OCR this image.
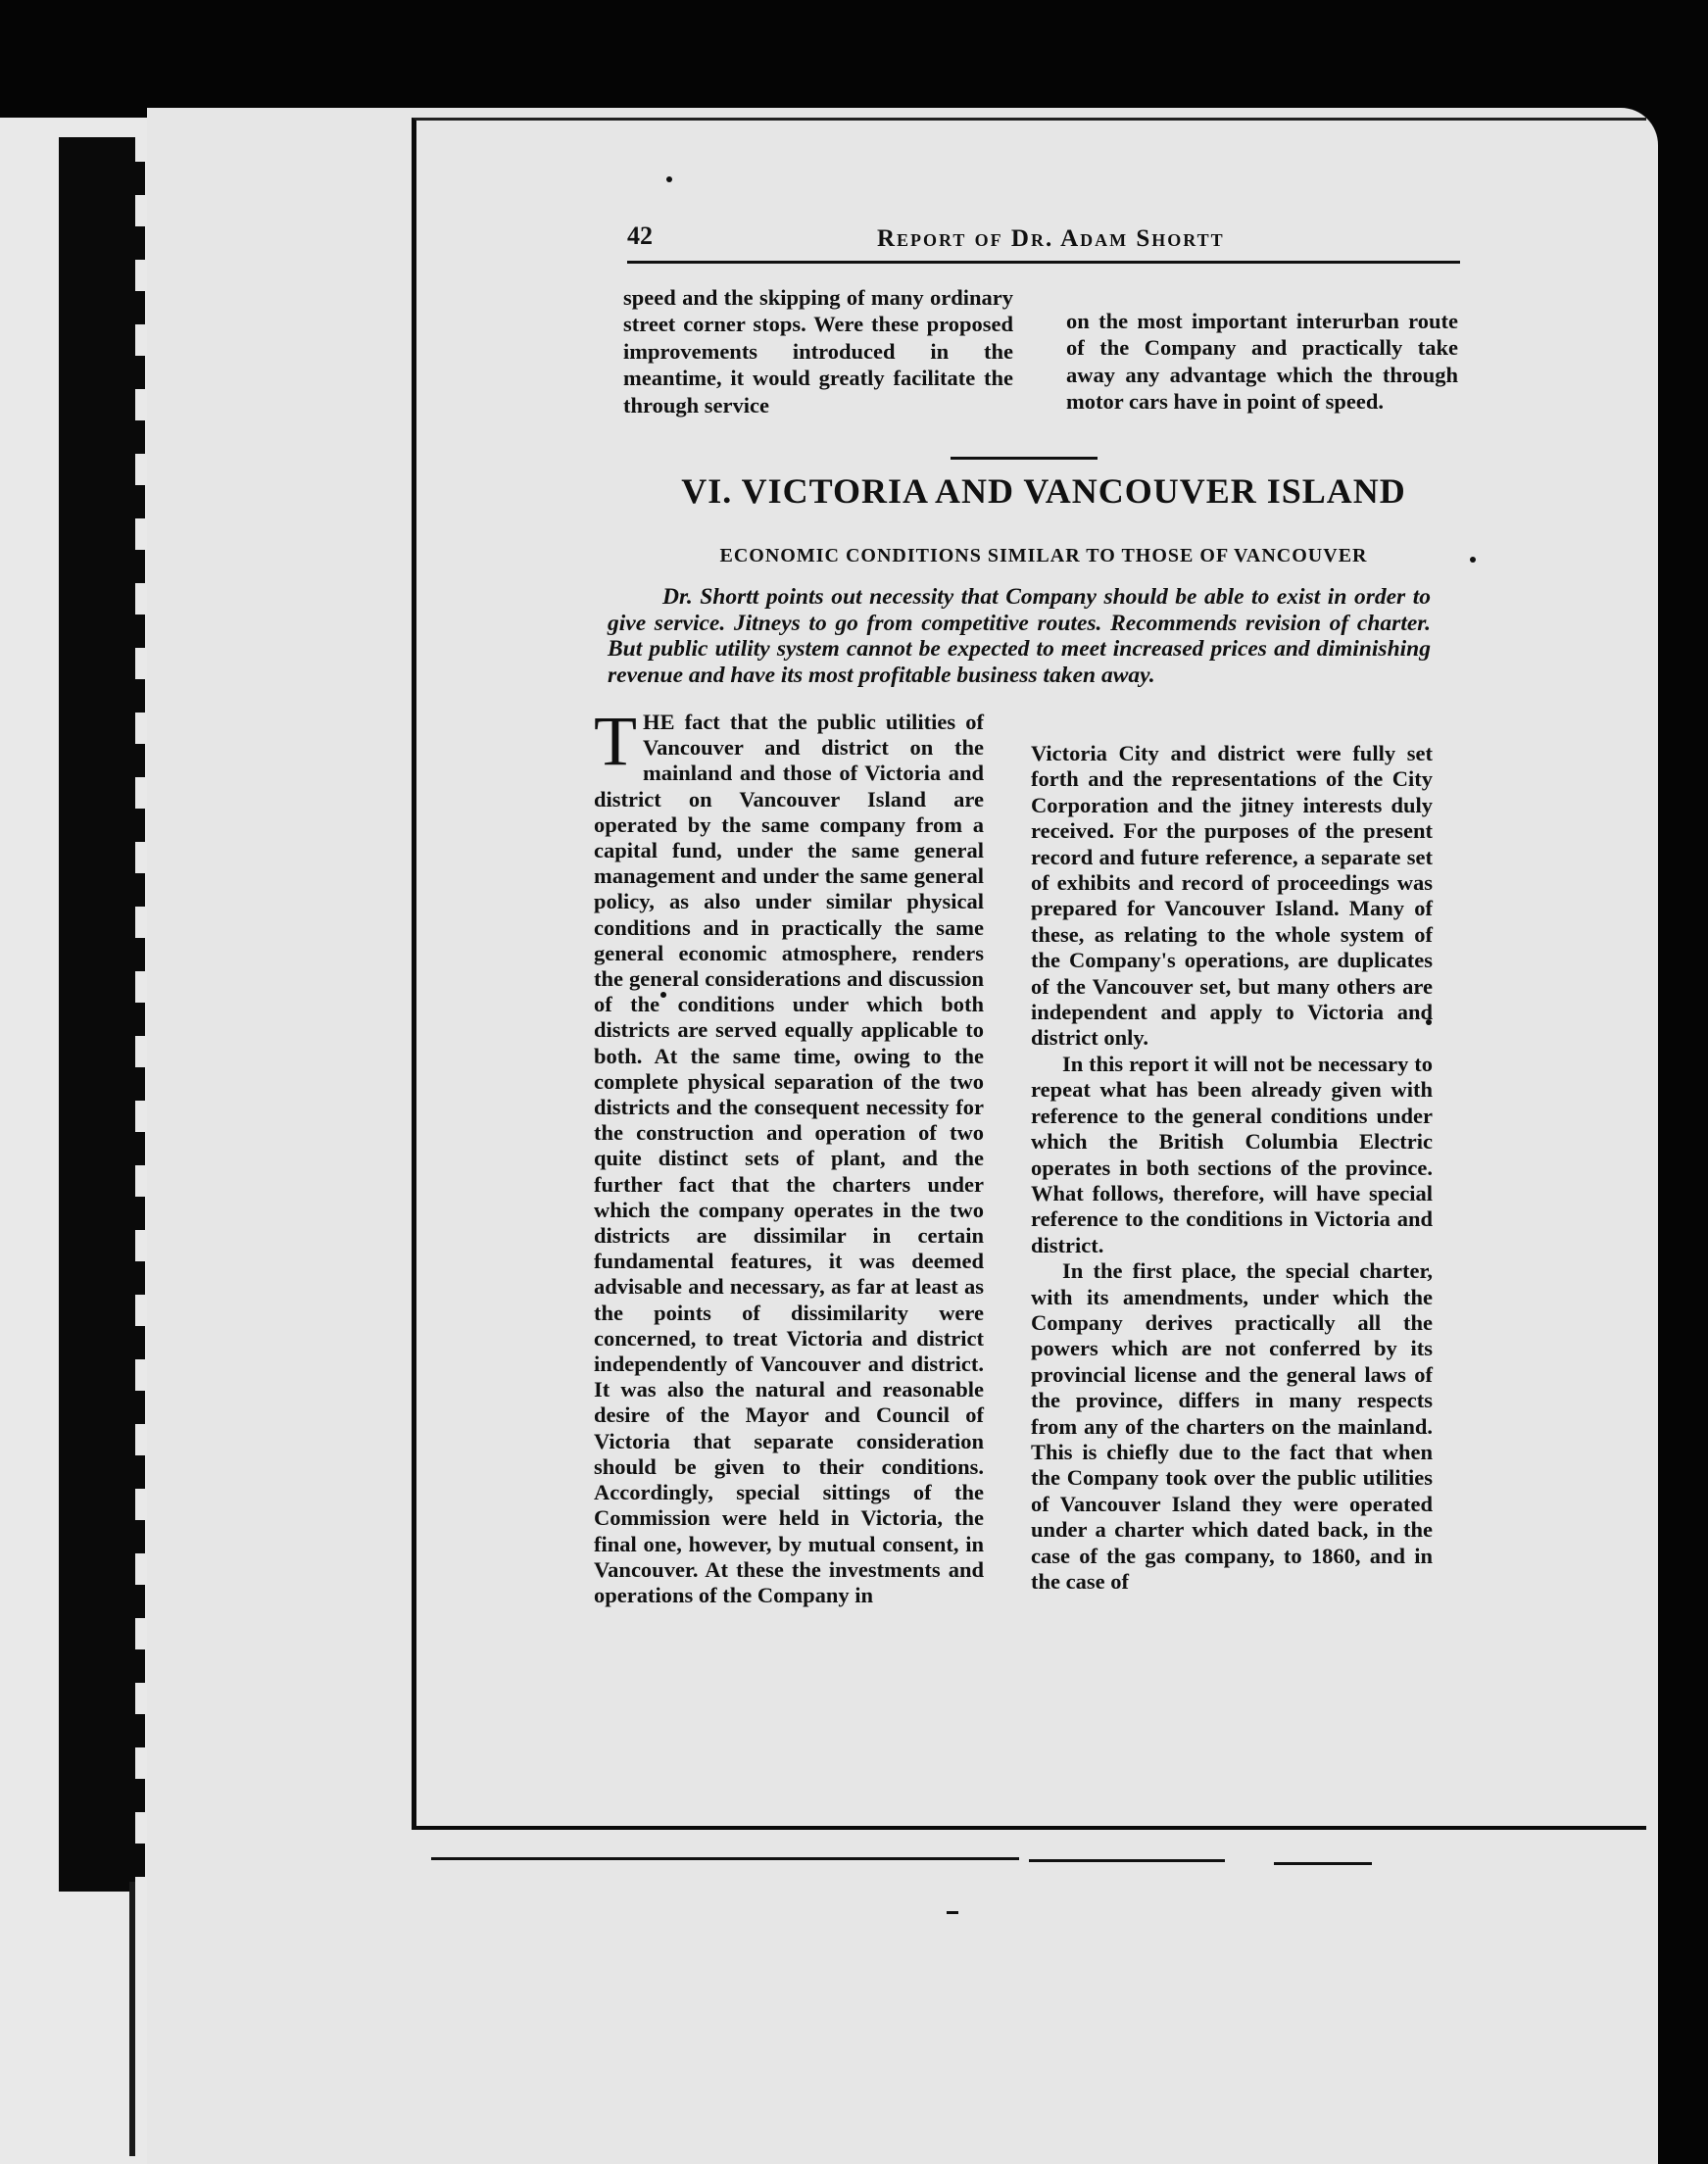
42	Report of Dr. Adam Shortt

speed and the skipping of many ordinary street corner stops. Were these proposed improvements introduced in the meantime, it would greatly facilitate the through service

on the most important interurban route of the Company and practically take away any advantage which the through motor cars have in point of speed.

VI. VICTORIA AND VANCOUVER ISLAND
ECONOMIC CONDITIONS SIMILAR TO THOSE OF VANCOUVER

Dr. Shortt points out necessity that Company should be able to exist in order to give service. Jitneys to go from competitive routes. Recommends revision of charter. But public utility system cannot be expected to meet increased prices and diminishing revenue and have its most profitable business taken away.

THE fact that the public utilities of Vancouver and district on the mainland and those of Victoria and district on Vancouver Island are operated by the same company from a capital fund, under the same general management and under the same general policy, as also under similar physical conditions and in practically the same general economic atmosphere, renders the general considerations and discussion of the conditions under which both districts are served equally applicable to both. At the same time, owing to the complete physical separation of the two districts and the consequent necessity for the construction and operation of two quite distinct sets of plant, and the further fact that the charters under which the company operates in the two districts are dissimilar in certain fundamental features, it was deemed advisable and necessary, as far at least as the points of dissimilarity were concerned, to treat Victoria and district independently of Vancouver and district. It was also the natural and reasonable desire of the Mayor and Council of Victoria that separate consideration should be given to their conditions. Accordingly, special sittings of the Commission were held in Victoria, the final one, however, by mutual consent, in Vancouver. At these the investments and operations of the Company in

Victoria City and district were fully set forth and the representations of the City Corporation and the jitney interests duly received. For the purposes of the present record and future reference, a separate set of exhibits and record of proceedings was prepared for Vancouver Island. Many of these, as relating to the whole system of the Company's operations, are duplicates of the Vancouver set, but many others are independent and apply to Victoria and district only.

In this report it will not be necessary to repeat what has been already given with reference to the general conditions under which the British Columbia Electric operates in both sections of the province. What follows, therefore, will have special reference to the conditions in Victoria and district.

In the first place, the special charter, with its amendments, under which the Company derives practically all the powers which are not conferred by its provincial license and the general laws of the province, differs in many respects from any of the charters on the mainland. This is chiefly due to the fact that when the Company took over the public utilities of Vancouver Island they were operated under a charter which dated back, in the case of the gas company, to 1860, and in the case of
